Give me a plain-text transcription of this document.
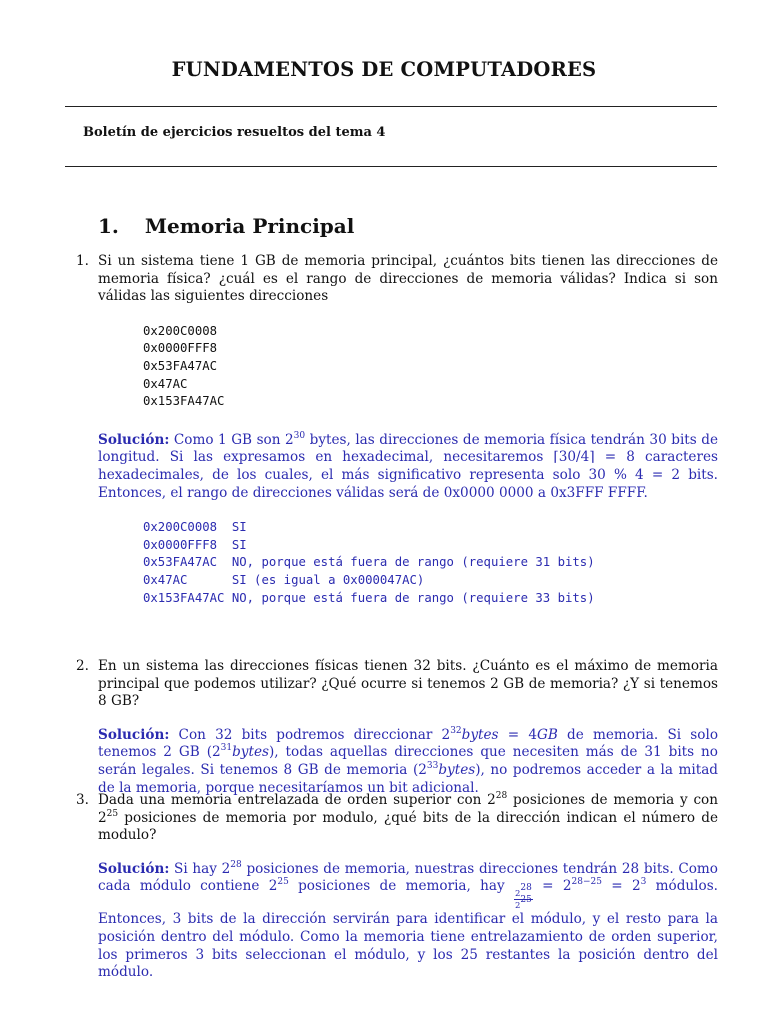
FUNDAMENTOS DE COMPUTADORES
Boletín de ejercicios resueltos del tema 4
1. Memoria Principal
1. Si un sistema tiene 1 GB de memoria principal, ¿cuántos bits tienen las direcciones de memoria física? ¿cuál es el rango de direcciones de memoria válidas? Indica si son válidas las siguientes direcciones
0x200C0008
0x0000FFF8
0x53FA47AC
0x47AC
0x153FA47AC
Solución: Como 1 GB son $2^{30}$ bytes, las direcciones de memoria física tendrán 30 bits de longitud. Si las expresamos en hexadecimal, necesitaremos ⌈30/4⌉ = 8 caracteres hexadecimales, de los cuales, el más significativo representa solo 30 % 4 = 2 bits. Entonces, el rango de direcciones válidas será de 0x0000 0000 a 0x3FFF FFFF.
0x200C0008  SI
0x0000FFF8  SI
0x53FA47AC  NO, porque está fuera de rango (requiere 31 bits)
0x47AC      SI (es igual a 0x000047AC)
0x153FA47AC NO, porque está fuera de rango (requiere 33 bits)
2. En un sistema las direcciones físicas tienen 32 bits. ¿Cuánto es el máximo de memoria principal que podemos utilizar? ¿Qué ocurre si tenemos 2 GB de memoria? ¿Y si tenemos 8 GB?
Solución: Con 32 bits podremos direccionar $2^{32}bytes = 4GB$ de memoria. Si solo tenemos 2 GB $(2^{31}bytes)$, todas aquellas direcciones que necesiten más de 31 bits no serán legales. Si tenemos 8 GB de memoria $(2^{33}bytes)$, no podremos acceder a la mitad de la memoria, porque necesitaríamos un bit adicional.
3. Dada una memoria entrelazada de orden superior con $2^{28}$ posiciones de memoria y con $2^{25}$ posiciones de memoria por modulo, ¿qué bits de la dirección indican el número de modulo?
Solución: Si hay $2^{28}$ posiciones de memoria, nuestras direcciones tendrán 28 bits. Como cada módulo contiene $2^{25}$ posiciones de memoria, hay
$\frac{2^{28}}{2^{25}}$
= $2^{28-25} = 2^3$ módulos. Entonces, 3 bits de la dirección servirán para identificar el módulo, y el resto para la posición dentro del módulo. Como la memoria tiene entrelazamiento de orden superior, los primeros 3 bits seleccionan el módulo, y los 25 restantes la posición dentro del módulo.
